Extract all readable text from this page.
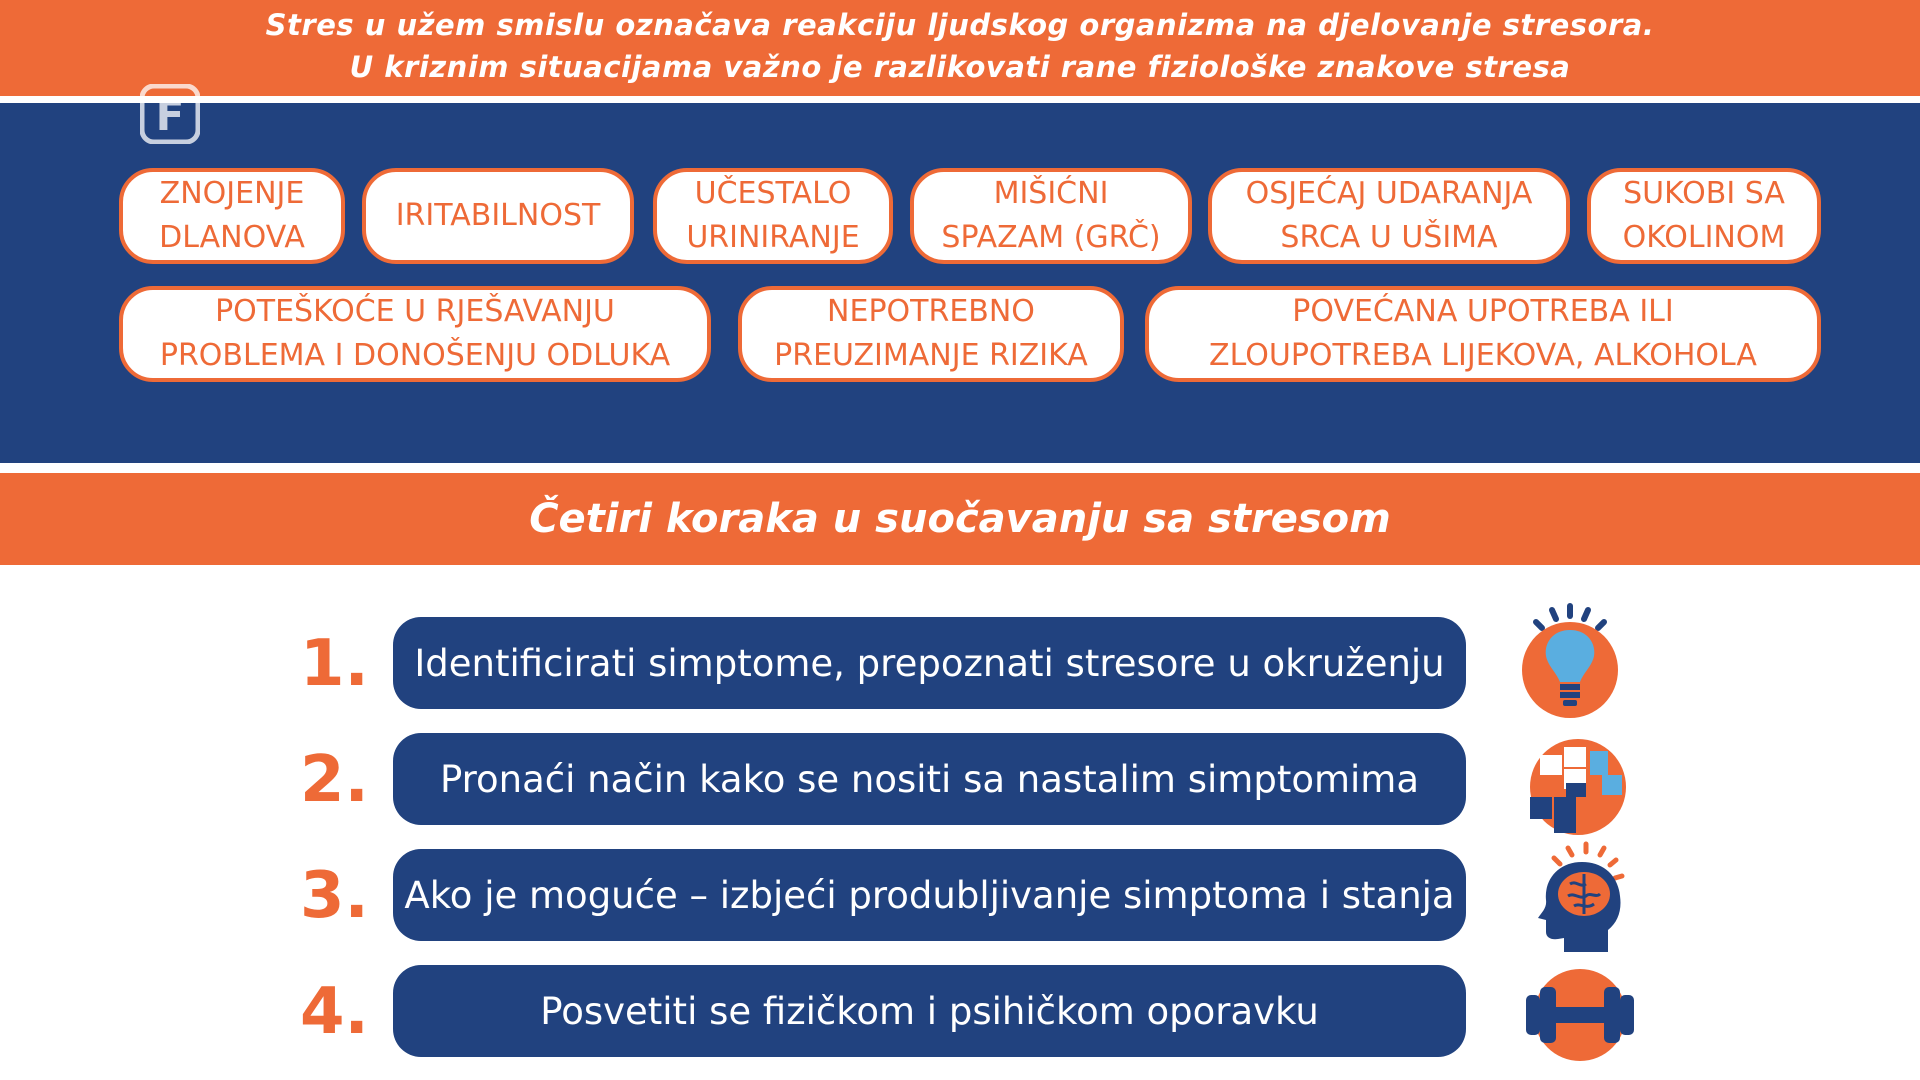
Stres u užem smislu označava reakciju ljudskog organizma na djelovanje stresora.
U kriznim situacijama važno je razlikovati rane fiziološke znakove stresa
F
ZNOJENJE
DLANOVA
IRITABILNOST
UČESTALO
URINIRANJE
MIŠIĆNI
SPAZAM (GRČ)
OSJEĆAJ UDARANJA
SRCA U UŠIMA
SUKOBI SA
OKOLINOM
POTEŠKOĆE U RJEŠAVANJU
PROBLEMA I DONOŠENJU ODLUKA
NEPOTREBNO
PREUZIMANJE RIZIKA
POVEĆANA UPOTREBA ILI
ZLOUPOTREBA LIJEKOVA, ALKOHOLA
Četiri koraka u suočavanju sa stresom
1.	Identificirati simptome, prepoznati stresore u okruženju
2.	Pronaći način kako se nositi sa nastalim simptomima
3. Ako je moguće – izbjeći produbljivanje simptoma i stanja
4.	Posvetiti se fizičkom i psihičkom oporavku
